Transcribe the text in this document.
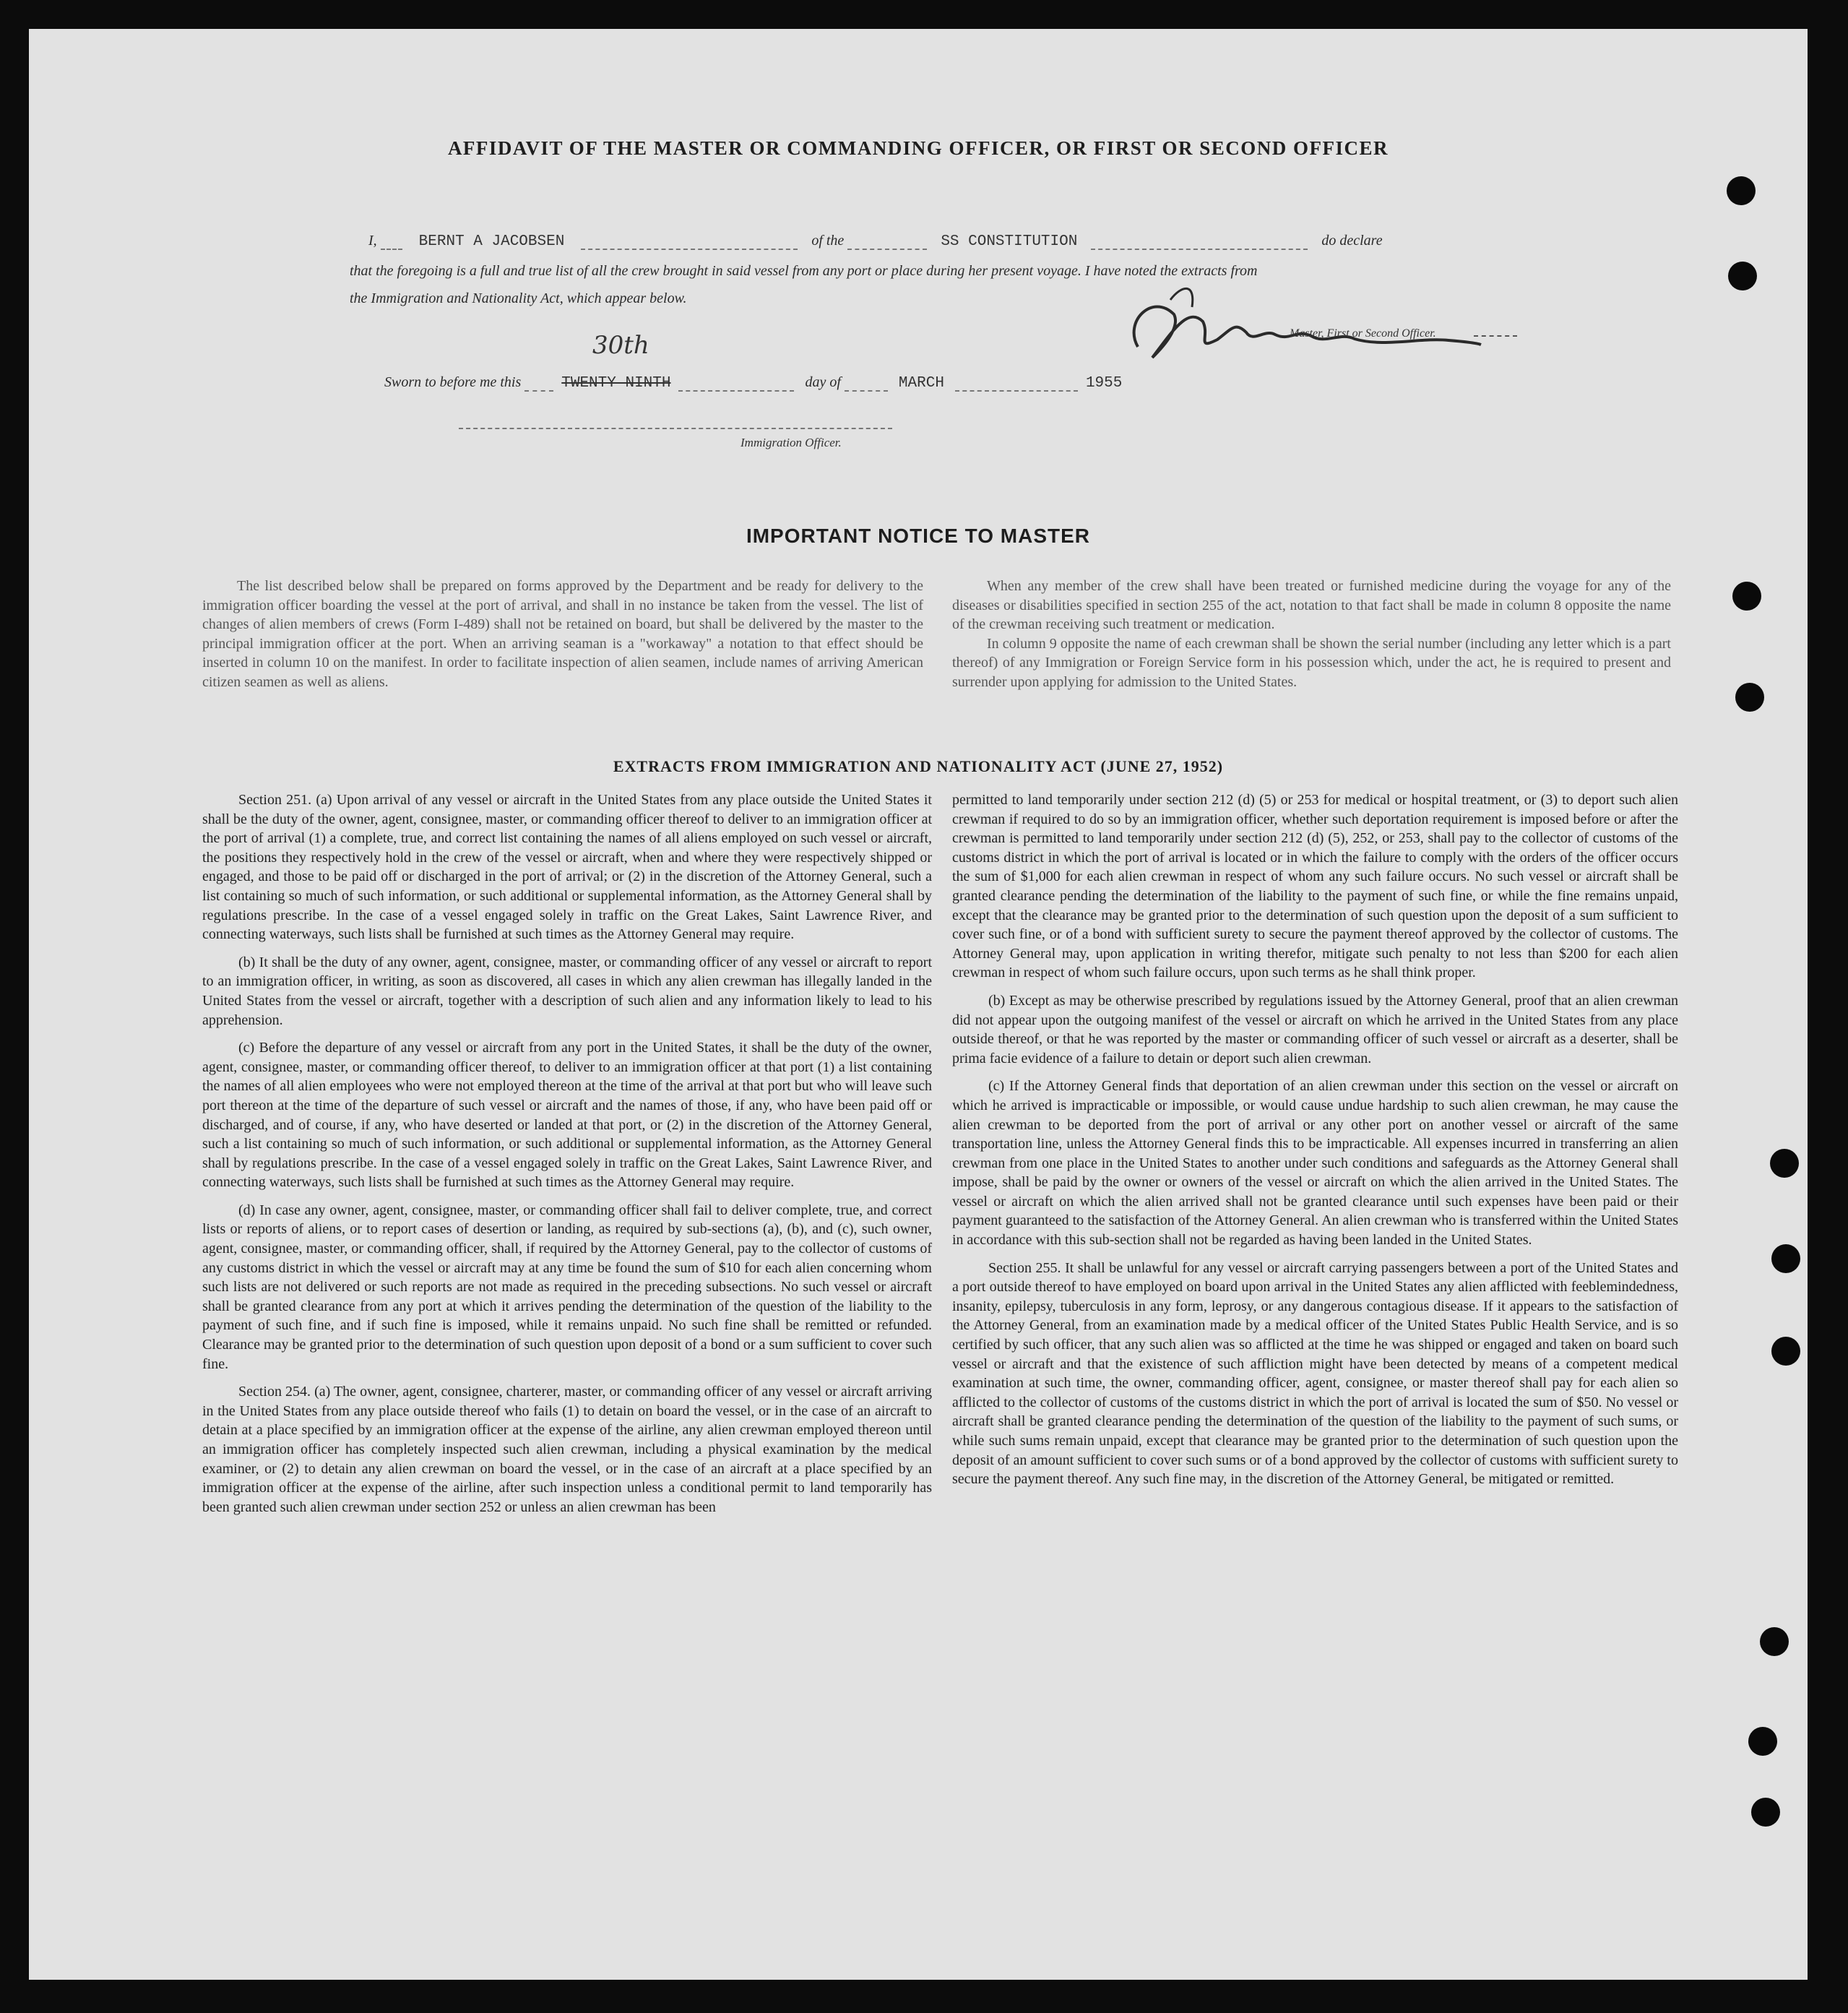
AFFIDAVIT OF THE MASTER OR COMMANDING OFFICER, OR FIRST OR SECOND OFFICER
I,	BERNT A JACOBSEN	of the	SS CONSTITUTION	do declare
that the foregoing is a full and true list of all the crew brought in said vessel from any port or place during her present voyage. I have noted the extracts from
the Immigration and Nationality Act, which appear below.
Master, First or Second Officer.
30th
Sworn to before me this	TWENTY NINTH	day of	MARCH	1955
Immigration Officer.
IMPORTANT NOTICE TO MASTER

The list described below shall be prepared on forms approved by the Department and be ready for delivery to the immigration officer boarding the vessel at the port of arrival, and shall in no instance be taken from the vessel. The list of changes of alien members of crews (Form I-489) shall not be retained on board, but shall be delivered by the master to the principal immigration officer at the port. When an arriving seaman is a "workaway" a notation to that effect should be inserted in column 10 on the manifest. In order to facilitate inspection of alien seamen, include names of arriving American citizen seamen as well as aliens.

When any member of the crew shall have been treated or furnished medicine during the voyage for any of the diseases or disabilities specified in section 255 of the act, notation to that fact shall be made in column 8 opposite the name of the crewman receiving such treatment or medication.

In column 9 opposite the name of each crewman shall be shown the serial number (including any letter which is a part thereof) of any Immigration or Foreign Service form in his possession which, under the act, he is required to present and surrender upon applying for admission to the United States.

EXTRACTS FROM IMMIGRATION AND NATIONALITY ACT (JUNE 27, 1952)

Section 251. (a) Upon arrival of any vessel or aircraft in the United States from any place outside the United States it shall be the duty of the owner, agent, consignee, master, or commanding officer thereof to deliver to an immigration officer at the port of arrival (1) a complete, true, and correct list containing the names of all aliens employed on such vessel or aircraft, the positions they respectively hold in the crew of the vessel or aircraft, when and where they were respectively shipped or engaged, and those to be paid off or discharged in the port of arrival; or (2) in the discretion of the Attorney General, such a list containing so much of such information, or such additional or supplemental information, as the Attorney General shall by regulations prescribe. In the case of a vessel engaged solely in traffic on the Great Lakes, Saint Lawrence River, and connecting waterways, such lists shall be furnished at such times as the Attorney General may require.

(b) It shall be the duty of any owner, agent, consignee, master, or commanding officer of any vessel or aircraft to report to an immigration officer, in writing, as soon as discovered, all cases in which any alien crewman has illegally landed in the United States from the vessel or aircraft, together with a description of such alien and any information likely to lead to his apprehension.

(c) Before the departure of any vessel or aircraft from any port in the United States, it shall be the duty of the owner, agent, consignee, master, or commanding officer thereof, to deliver to an immigration officer at that port (1) a list containing the names of all alien employees who were not employed thereon at the time of the arrival at that port but who will leave such port thereon at the time of the departure of such vessel or aircraft and the names of those, if any, who have been paid off or discharged, and of course, if any, who have deserted or landed at that port, or (2) in the discretion of the Attorney General, such a list containing so much of such information, or such additional or supplemental information, as the Attorney General shall by regulations prescribe. In the case of a vessel engaged solely in traffic on the Great Lakes, Saint Lawrence River, and connecting waterways, such lists shall be furnished at such times as the Attorney General may require.

(d) In case any owner, agent, consignee, master, or commanding officer shall fail to deliver complete, true, and correct lists or reports of aliens, or to report cases of desertion or landing, as required by sub-sections (a), (b), and (c), such owner, agent, consignee, master, or commanding officer, shall, if required by the Attorney General, pay to the collector of customs of any customs district in which the vessel or aircraft may at any time be found the sum of $10 for each alien concerning whom such lists are not delivered or such reports are not made as required in the preceding subsections. No such vessel or aircraft shall be granted clearance from any port at which it arrives pending the determination of the question of the liability to the payment of such fine, and if such fine is imposed, while it remains unpaid. No such fine shall be remitted or refunded. Clearance may be granted prior to the determination of such question upon deposit of a bond or a sum sufficient to cover such fine.

Section 254. (a) The owner, agent, consignee, charterer, master, or commanding officer of any vessel or aircraft arriving in the United States from any place outside thereof who fails (1) to detain on board the vessel, or in the case of an aircraft to detain at a place specified by an immigration officer at the expense of the airline, any alien crewman employed thereon until an immigration officer has completely inspected such alien crewman, including a physical examination by the medical examiner, or (2) to detain any alien crewman on board the vessel, or in the case of an aircraft at a place specified by an immigration officer at the expense of the airline, after such inspection unless a conditional permit to land temporarily has been granted such alien crewman under section 252 or unless an alien crewman has been

permitted to land temporarily under section 212 (d) (5) or 253 for medical or hospital treatment, or (3) to deport such alien crewman if required to do so by an immigration officer, whether such deportation requirement is imposed before or after the crewman is permitted to land temporarily under section 212 (d) (5), 252, or 253, shall pay to the collector of customs of the customs district in which the port of arrival is located or in which the failure to comply with the orders of the officer occurs the sum of $1,000 for each alien crewman in respect of whom any such failure occurs. No such vessel or aircraft shall be granted clearance pending the determination of the liability to the payment of such fine, or while the fine remains unpaid, except that the clearance may be granted prior to the determination of such question upon the deposit of a sum sufficient to cover such fine, or of a bond with sufficient surety to secure the payment thereof approved by the collector of customs. The Attorney General may, upon application in writing therefor, mitigate such penalty to not less than $200 for each alien crewman in respect of whom such failure occurs, upon such terms as he shall think proper.

(b) Except as may be otherwise prescribed by regulations issued by the Attorney General, proof that an alien crewman did not appear upon the outgoing manifest of the vessel or aircraft on which he arrived in the United States from any place outside thereof, or that he was reported by the master or commanding officer of such vessel or aircraft as a deserter, shall be prima facie evidence of a failure to detain or deport such alien crewman.

(c) If the Attorney General finds that deportation of an alien crewman under this section on the vessel or aircraft on which he arrived is impracticable or impossible, or would cause undue hardship to such alien crewman, he may cause the alien crewman to be deported from the port of arrival or any other port on another vessel or aircraft of the same transportation line, unless the Attorney General finds this to be impracticable. All expenses incurred in transferring an alien crewman from one place in the United States to another under such conditions and safeguards as the Attorney General shall impose, shall be paid by the owner or owners of the vessel or aircraft on which the alien arrived in the United States. The vessel or aircraft on which the alien arrived shall not be granted clearance until such expenses have been paid or their payment guaranteed to the satisfaction of the Attorney General. An alien crewman who is transferred within the United States in accordance with this sub-section shall not be regarded as having been landed in the United States.

Section 255. It shall be unlawful for any vessel or aircraft carrying passengers between a port of the United States and a port outside thereof to have employed on board upon arrival in the United States any alien afflicted with feeblemindedness, insanity, epilepsy, tuberculosis in any form, leprosy, or any dangerous contagious disease. If it appears to the satisfaction of the Attorney General, from an examination made by a medical officer of the United States Public Health Service, and is so certified by such officer, that any such alien was so afflicted at the time he was shipped or engaged and taken on board such vessel or aircraft and that the existence of such affliction might have been detected by means of a competent medical examination at such time, the owner, commanding officer, agent, consignee, or master thereof shall pay for each alien so afflicted to the collector of customs of the customs district in which the port of arrival is located the sum of $50. No vessel or aircraft shall be granted clearance pending the determination of the question of the liability to the payment of such sums, or while such sums remain unpaid, except that clearance may be granted prior to the determination of such question upon the deposit of an amount sufficient to cover such sums or of a bond approved by the collector of customs with sufficient surety to secure the payment thereof. Any such fine may, in the discretion of the Attorney General, be mitigated or remitted.
